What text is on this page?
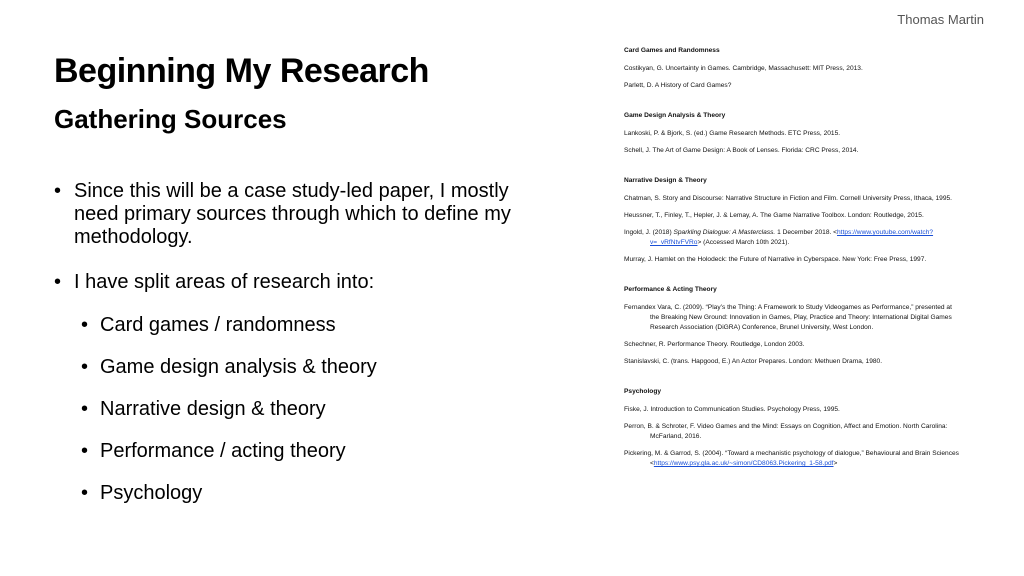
Thomas Martin
Beginning My Research
Gathering Sources
• Since this will be a case study-led paper, I mostly need primary sources through which to define my methodology.
• I have split areas of research into:
• Card games / randomness
• Game design analysis & theory
• Narrative design & theory
• Performance / acting theory
• Psychology

Card Games and Randomness

Costikyan, G. Uncertainty in Games. Cambridge, Massachusett: MIT Press, 2013.

Parlett, D. A History of Card Games?

Game Design Analysis & Theory

Lankoski, P. & Bjork, S. (ed.) Game Research Methods. ETC Press, 2015.

Schell, J. The Art of Game Design: A Book of Lenses. Florida: CRC Press, 2014.

Narrative Design & Theory

Chatman, S. Story and Discourse: Narrative Structure in Fiction and Film. Cornell University Press, Ithaca, 1995.

Heussner, T., Finley, T., Hepler, J. & Lemay, A. The Game Narrative Toolbox. London: Routledge, 2015.

Ingold, J. (2018) Sparkling Dialogue: A Masterclass. 1 December 2018. <https://www.youtube.com/watch?v=_vRfNtvFVRo> (Accessed March 10th 2021).

Murray, J. Hamlet on the Holodeck: the Future of Narrative in Cyberspace. New York: Free Press, 1997.

Performance & Acting Theory

Fernandex Vara, C. (2009). “Play’s the Thing: A Framework to Study Videogames as Performance,” presented at the Breaking New Ground: Innovation in Games, Play, Practice and Theory: International Digital Games Research Association (DiGRA) Conference, Brunel University, West London.

Schechner, R. Performance Theory. Routledge, London 2003.

Stanislavski, C. (trans. Hapgood, E.) An Actor Prepares. London: Methuen Drama, 1980.

Psychology

Fiske, J. Introduction to Communication Studies. Psychology Press, 1995.

Perron, B. & Schroter, F. Video Games and the Mind: Essays on Cognition, Affect and Emotion. North Carolina: McFarland, 2016.

Pickering, M. & Garrod, S. (2004). “Toward a mechanistic psychology of dialogue,” Behavioural and Brain Sciences <https://www.psy.gla.ac.uk/~simon/CD8063.Pickering_1-58.pdf>
